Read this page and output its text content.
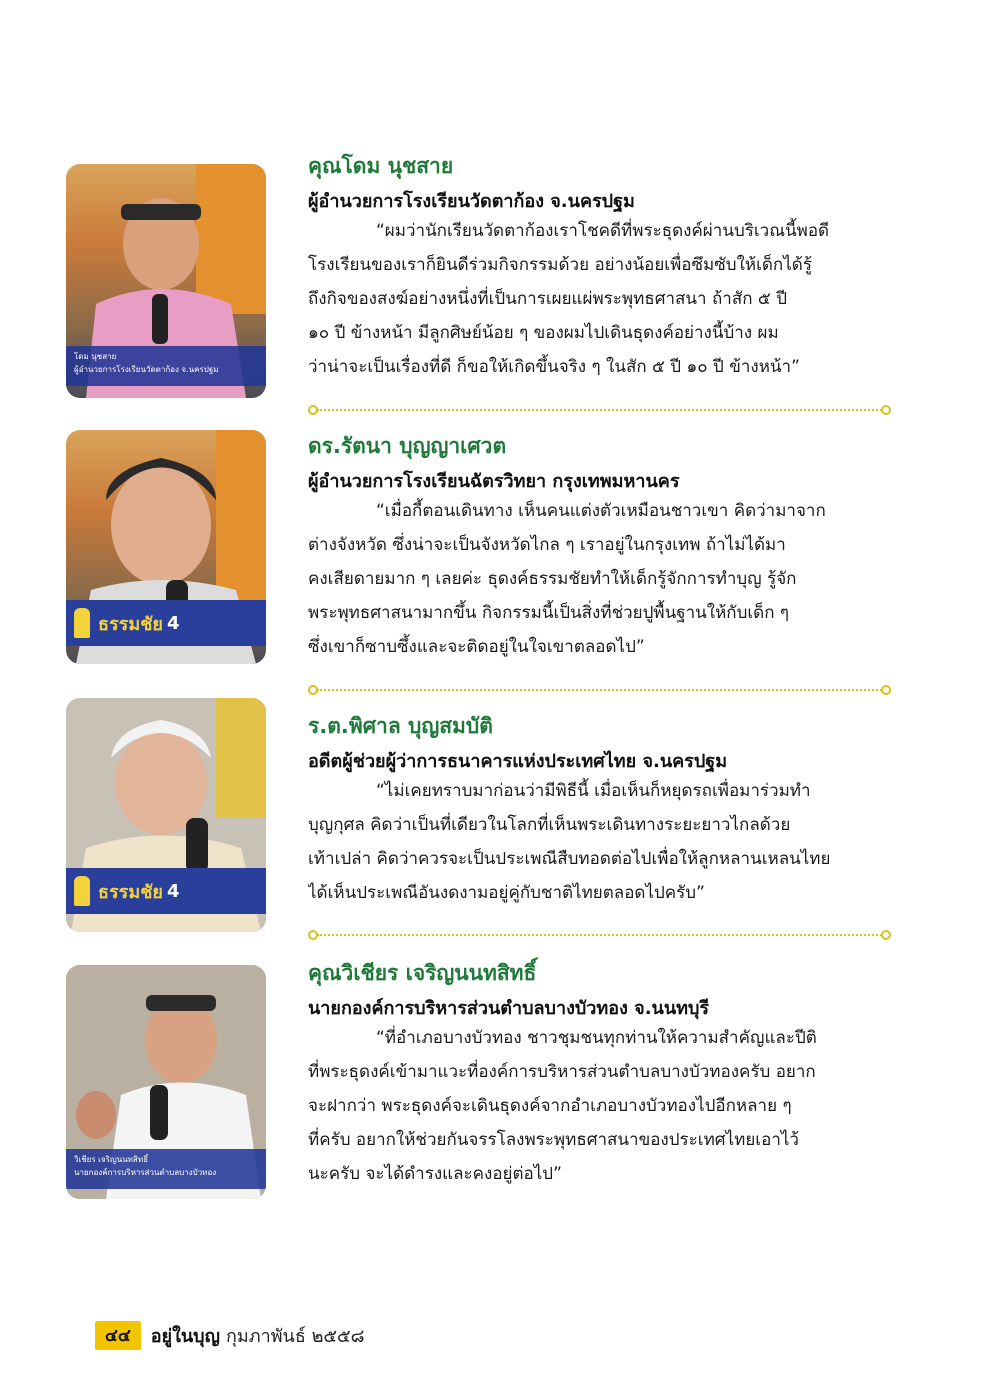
โดม นุชสาย
ผู้อำนวยการโรงเรียนวัดตาก้อง จ.นครปฐม
คุณโดม นุชสาย
ผู้อำนวยการโรงเรียนวัดตาก้อง จ.นครปฐม
“ผมว่านักเรียนวัดตาก้องเราโชคดีที่พระธุดงค์ผ่านบริเวณนี้พอดี
โรงเรียนของเราก็ยินดีร่วมกิจกรรมด้วย อย่างน้อยเพื่อซึมซับให้เด็กได้รู้
ถึงกิจของสงฆ์อย่างหนึ่งที่เป็นการเผยแผ่พระพุทธศาสนา ถ้าสัก ๕ ปี
๑๐ ปี ข้างหน้า มีลูกศิษย์น้อย ๆ ของผมไปเดินธุดงค์อย่างนี้บ้าง ผม
ว่าน่าจะเป็นเรื่องที่ดี ก็ขอให้เกิดขึ้นจริง ๆ ในสัก ๕ ปี ๑๐ ปี ข้างหน้า”
ธรรมชัย 4
ดร.รัตนา บุญญาเศวต
ผู้อำนวยการโรงเรียนฉัตรวิทยา กรุงเทพมหานคร
“เมื่อกี้ตอนเดินทาง เห็นคนแต่งตัวเหมือนชาวเขา คิดว่ามาจาก
ต่างจังหวัด ซึ่งน่าจะเป็นจังหวัดไกล ๆ เราอยู่ในกรุงเทพ ถ้าไม่ได้มา
คงเสียดายมาก ๆ เลยค่ะ ธุดงค์ธรรมชัยทำให้เด็กรู้จักการทำบุญ รู้จัก
พระพุทธศาสนามากขึ้น กิจกรรมนี้เป็นสิ่งที่ช่วยปูพื้นฐานให้กับเด็ก ๆ
ซึ่งเขาก็ซาบซึ้งและจะติดอยู่ในใจเขาตลอดไป”
ธรรมชัย 4
ร.ต.พิศาล บุญสมบัติ
อดีตผู้ช่วยผู้ว่าการธนาคารแห่งประเทศไทย จ.นครปฐม
“ไม่เคยทราบมาก่อนว่ามีพิธีนี้ เมื่อเห็นก็หยุดรถเพื่อมาร่วมทำ
บุญกุศล คิดว่าเป็นที่เดียวในโลกที่เห็นพระเดินทางระยะยาวไกลด้วย
เท้าเปล่า คิดว่าควรจะเป็นประเพณีสืบทอดต่อไปเพื่อให้ลูกหลานเหลนไทย
ได้เห็นประเพณีอันงดงามอยู่คู่กับชาติไทยตลอดไปครับ”
วิเชียร เจริญนนทสิทธิ์
นายกองค์การบริหารส่วนตำบลบางบัวทอง
คุณวิเชียร เจริญนนทสิทธิ์
นายกองค์การบริหารส่วนตำบลบางบัวทอง จ.นนทบุรี
“ที่อำเภอบางบัวทอง ชาวชุมชนทุกท่านให้ความสำคัญและปีติ
ที่พระธุดงค์เข้ามาแวะที่องค์การบริหารส่วนตำบลบางบัวทองครับ อยาก
จะฝากว่า พระธุดงค์จะเดินธุดงค์จากอำเภอบางบัวทองไปอีกหลาย ๆ
ที่ครับ อยากให้ช่วยกันจรรโลงพระพุทธศาสนาของประเทศไทยเอาไว้
นะครับ จะได้ดำรงและคงอยู่ต่อไป”
๔๔	อยู่ในบุญ กุมภาพันธ์ ๒๕๕๘
